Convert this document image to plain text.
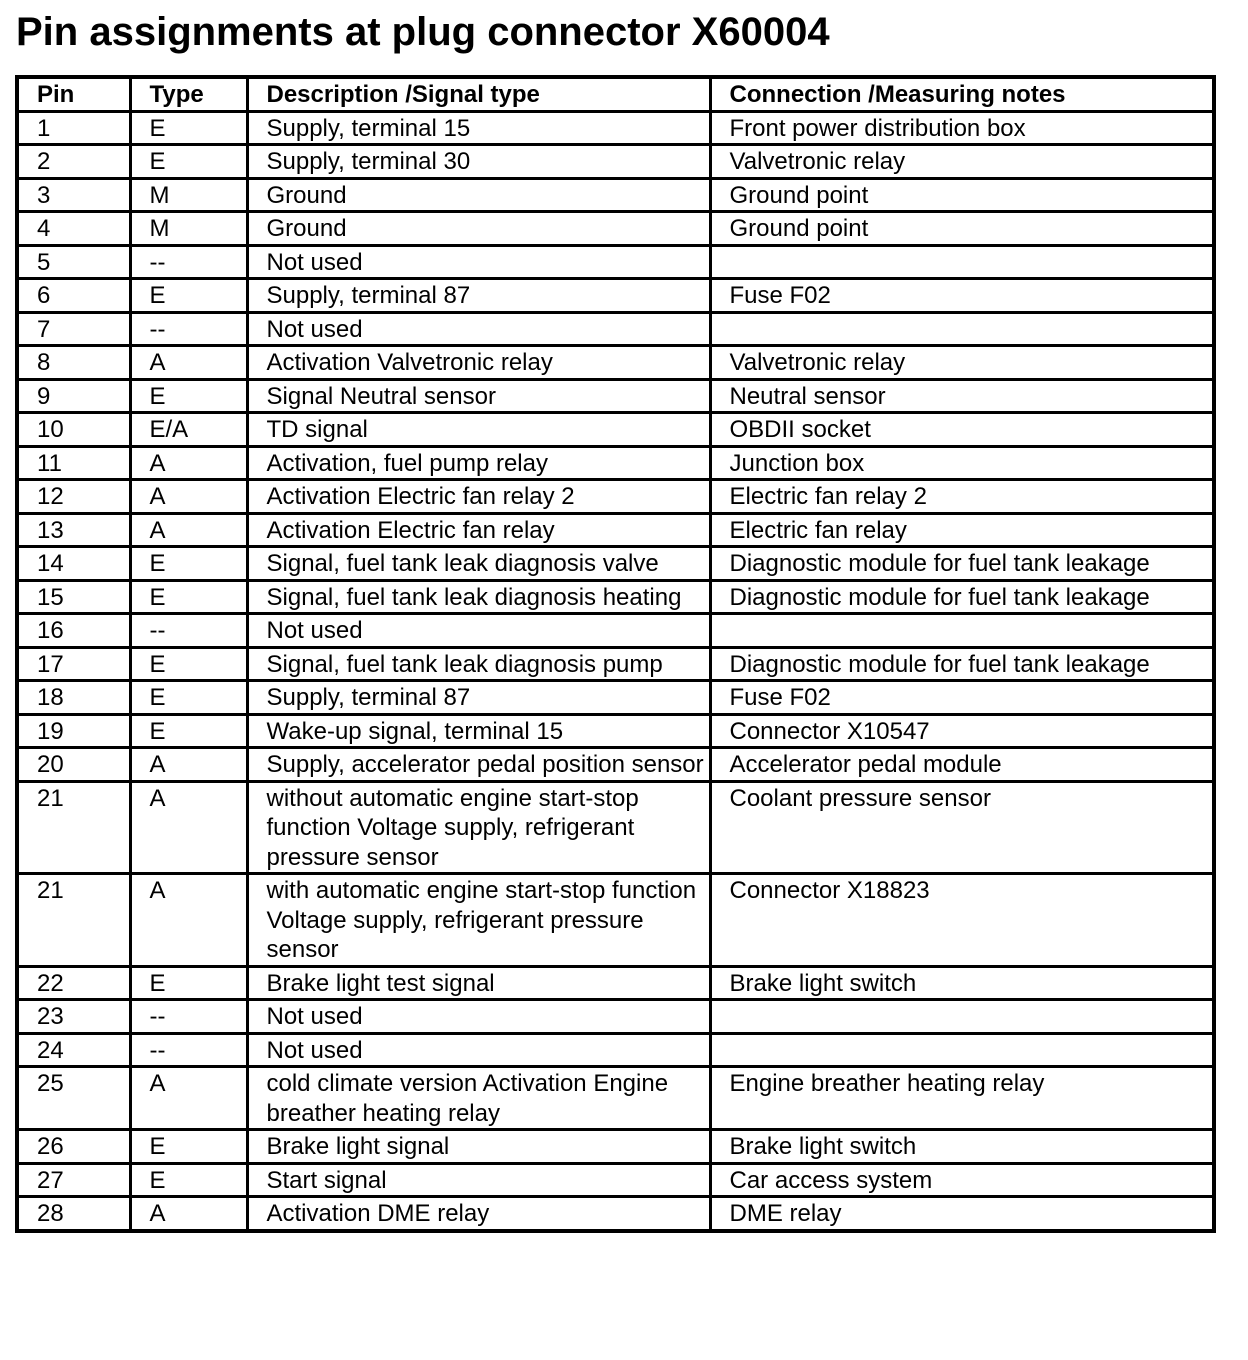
Pin assignments at plug connector X60004
Pin	Type	Description /Signal type	Connection /Measuring notes
1	E	Supply, terminal 15	Front power distribution box
2	E	Supply, terminal 30	Valvetronic relay
3	M	Ground	Ground point
4	M	Ground	Ground point
5	--	Not used	
6	E	Supply, terminal 87	Fuse F02
7	--	Not used	
8	A	Activation Valvetronic relay	Valvetronic relay
9	E	Signal Neutral sensor	Neutral sensor
10	E/A	TD signal	OBDII socket
11	A	Activation, fuel pump relay	Junction box
12	A	Activation Electric fan relay 2	Electric fan relay 2
13	A	Activation Electric fan relay	Electric fan relay
14	E	Signal, fuel tank leak diagnosis valve	Diagnostic module for fuel tank leakage
15	E	Signal, fuel tank leak diagnosis heating	Diagnostic module for fuel tank leakage
16	--	Not used	
17	E	Signal, fuel tank leak diagnosis pump	Diagnostic module for fuel tank leakage
18	E	Supply, terminal 87	Fuse F02
19	E	Wake-up signal, terminal 15	Connector X10547
20	A	Supply, accelerator pedal position sensor	Accelerator pedal module
21	A	without automatic engine start-stop function Voltage supply, refrigerant pressure sensor	Coolant pressure sensor
21	A	with automatic engine start-stop function Voltage supply, refrigerant pressure sensor	Connector X18823
22	E	Brake light test signal	Brake light switch
23	--	Not used	
24	--	Not used	
25	A	cold climate version Activation Engine breather heating relay	Engine breather heating relay
26	E	Brake light signal	Brake light switch
27	E	Start signal	Car access system
28	A	Activation DME relay	DME relay
